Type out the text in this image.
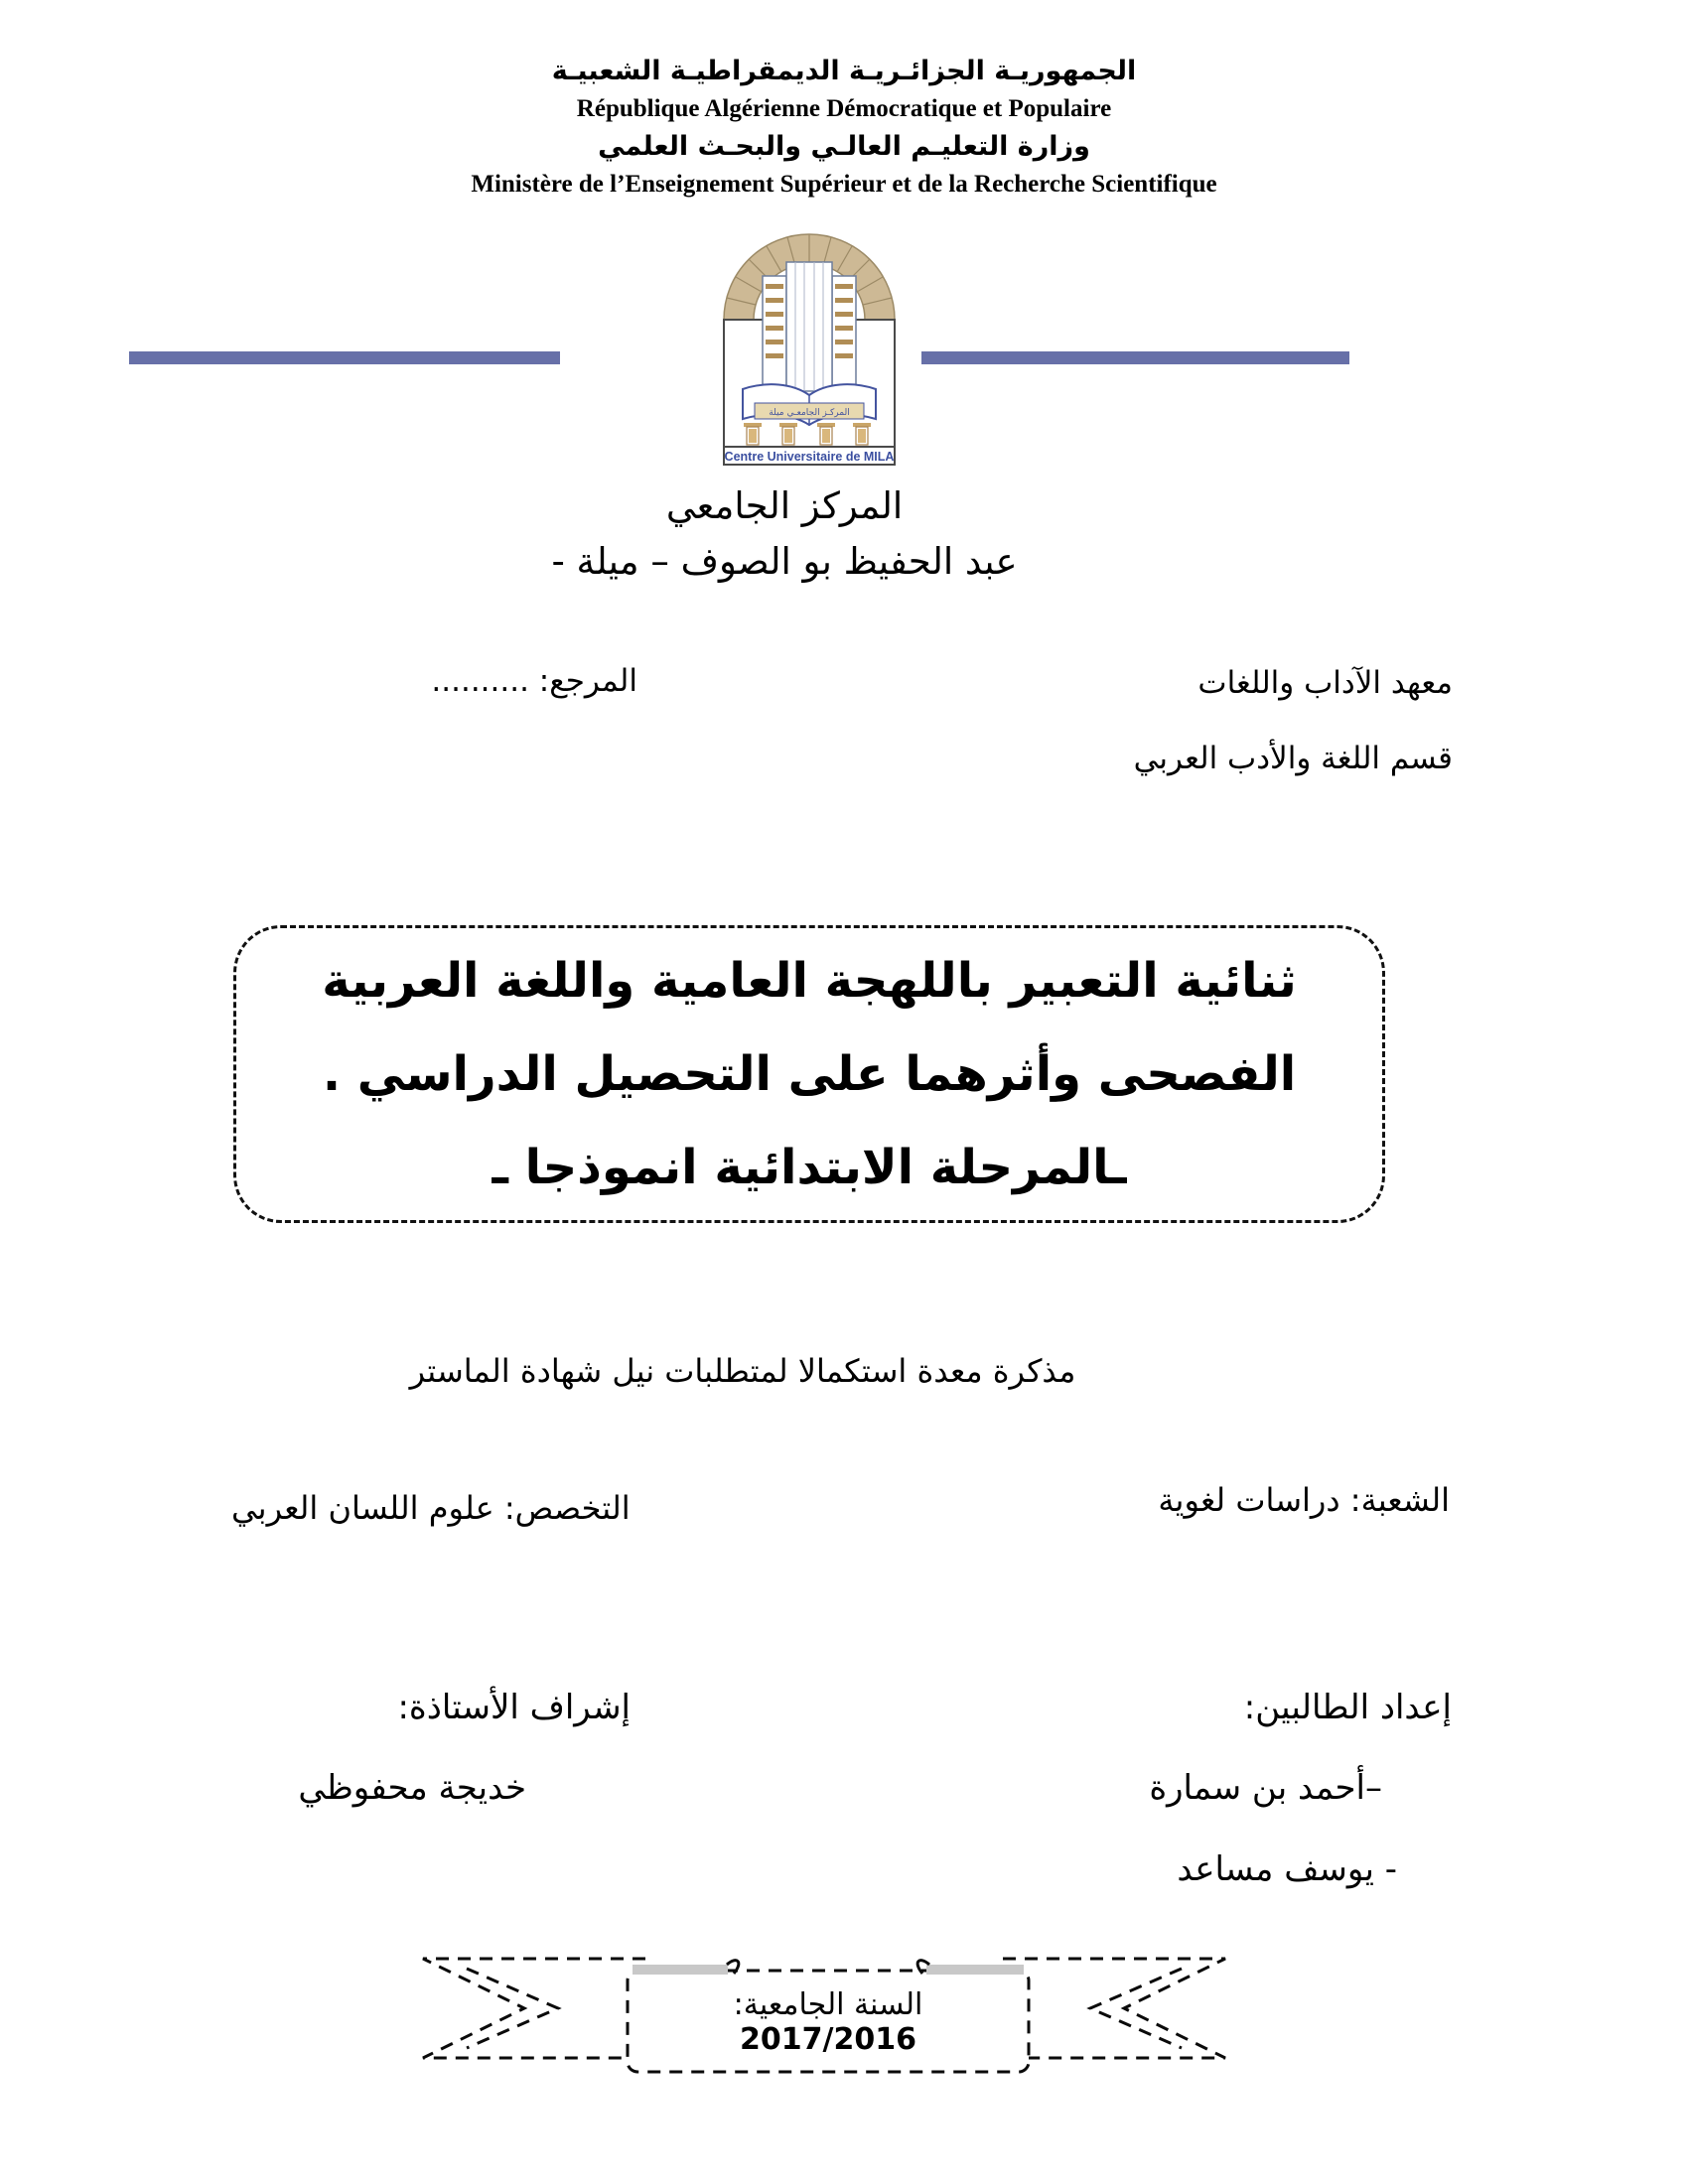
الجمهوريـة الجزائـريـة الديمقراطيـة الشعبيـة
République Algérienne Démocratique et Populaire
وزارة التعليـم العالـي والبحـث العلمي
Ministère de l’Enseignement Supérieur et de la Recherche Scientifique
المركـز الجامعـي ميلة
Centre Universitaire de MILA
المركز الجامعي
عبد الحفيظ بو الصوف – ميلة -
معهد الآداب واللغات
قسم اللغة والأدب العربي
المرجع: ..........
ثنائية التعبير باللهجة العامية واللغة العربية
الفصحى وأثرهما على التحصيل الدراسي .
ـالمرحلة الابتدائية انموذجا ـ
مذكرة معدة استكمالا لمتطلبات نيل شهادة الماستر
الشعبة: دراسات لغوية
التخصص: علوم اللسان العربي
إعداد الطالبين:
–أحمد بن سمارة
- يوسف مساعد
إشراف الأستاذة:
خديجة محفوظي
السنة الجامعية: 2017/2016
